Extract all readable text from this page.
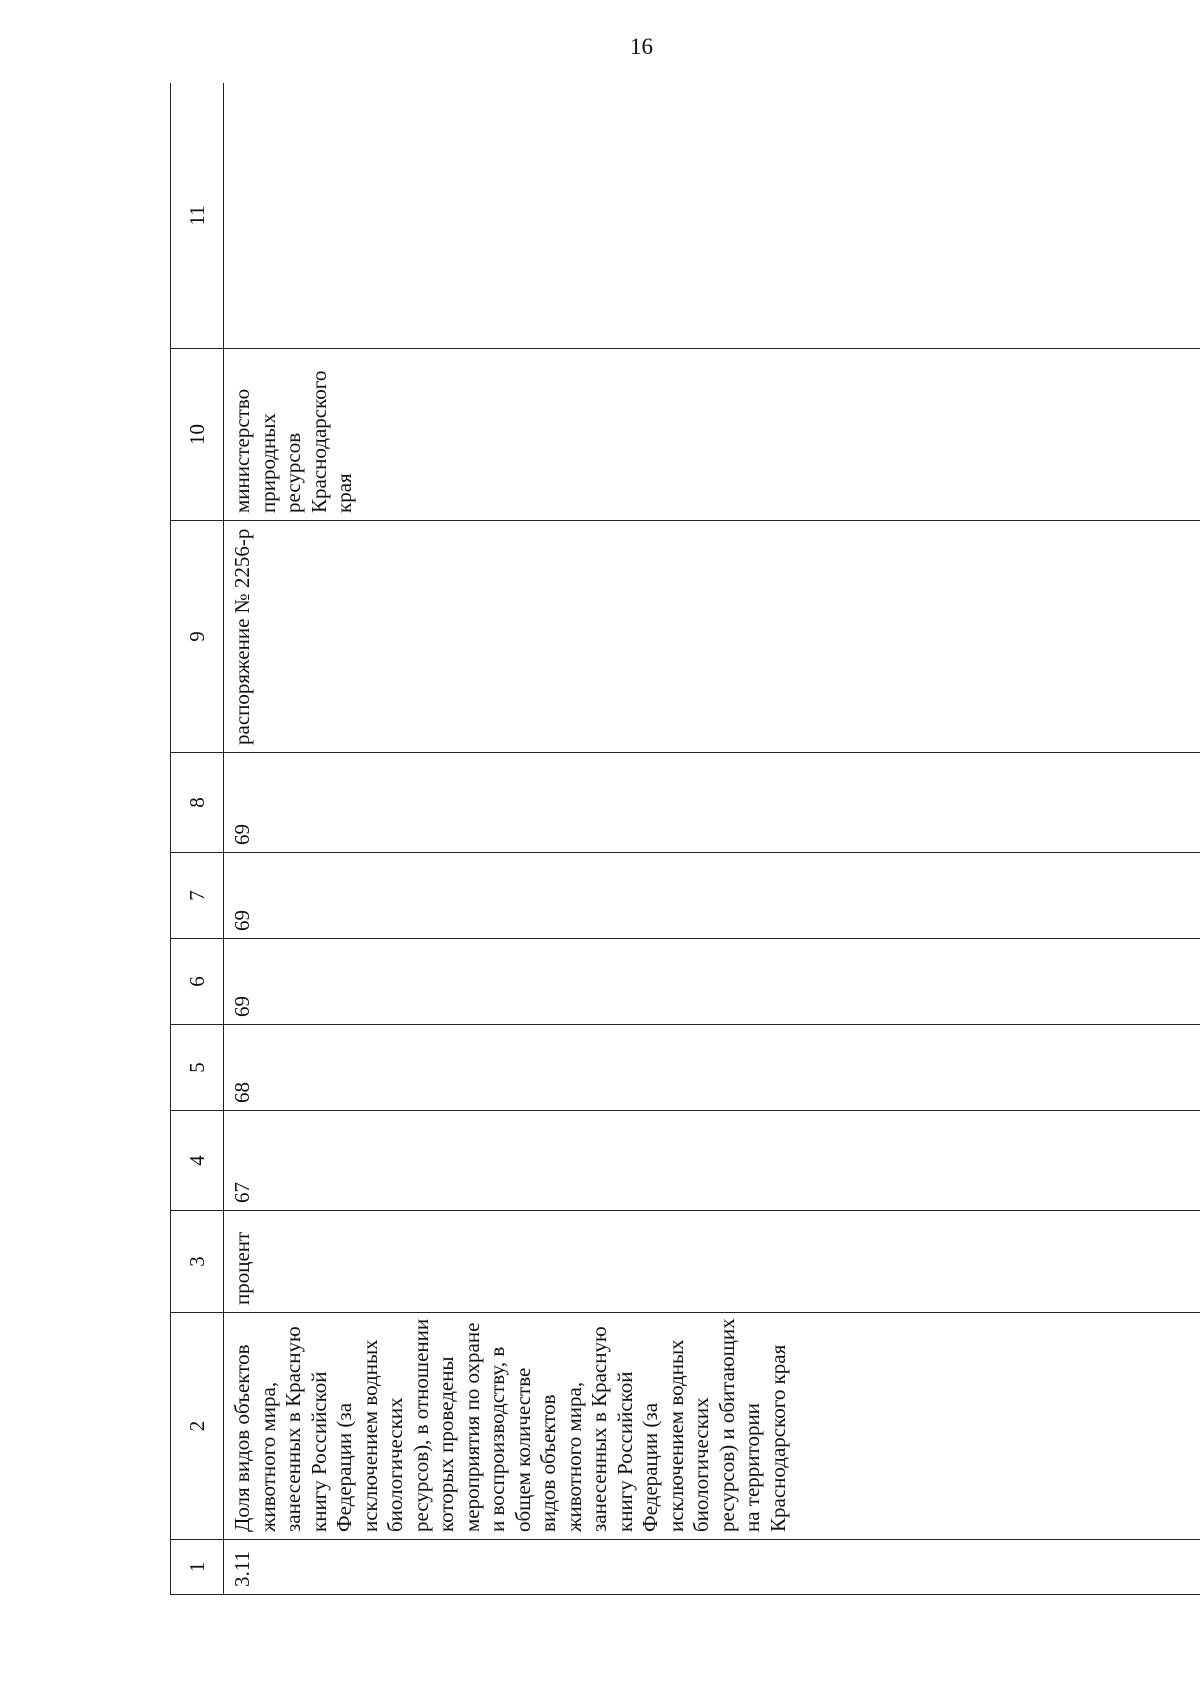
16
1	2	3	4	5	6	7	8	9	10	11

3.11	Доля видов объектов животного мира, занесенных в Красную книгу Российской Федерации (за исключением водных биологических ресурсов), в отношении которых проведены мероприятия по охране и воспроизводству, в общем количестве видов объектов животного мира, занесенных в Красную книгу Российской Федерации (за исключением водных биологических ресурсов) и обитающих на территории Краснодарского края	процент	67	68	69	69	69	распоряжение № 2256-р	министерство природных ресурсов Краснодарского края	
